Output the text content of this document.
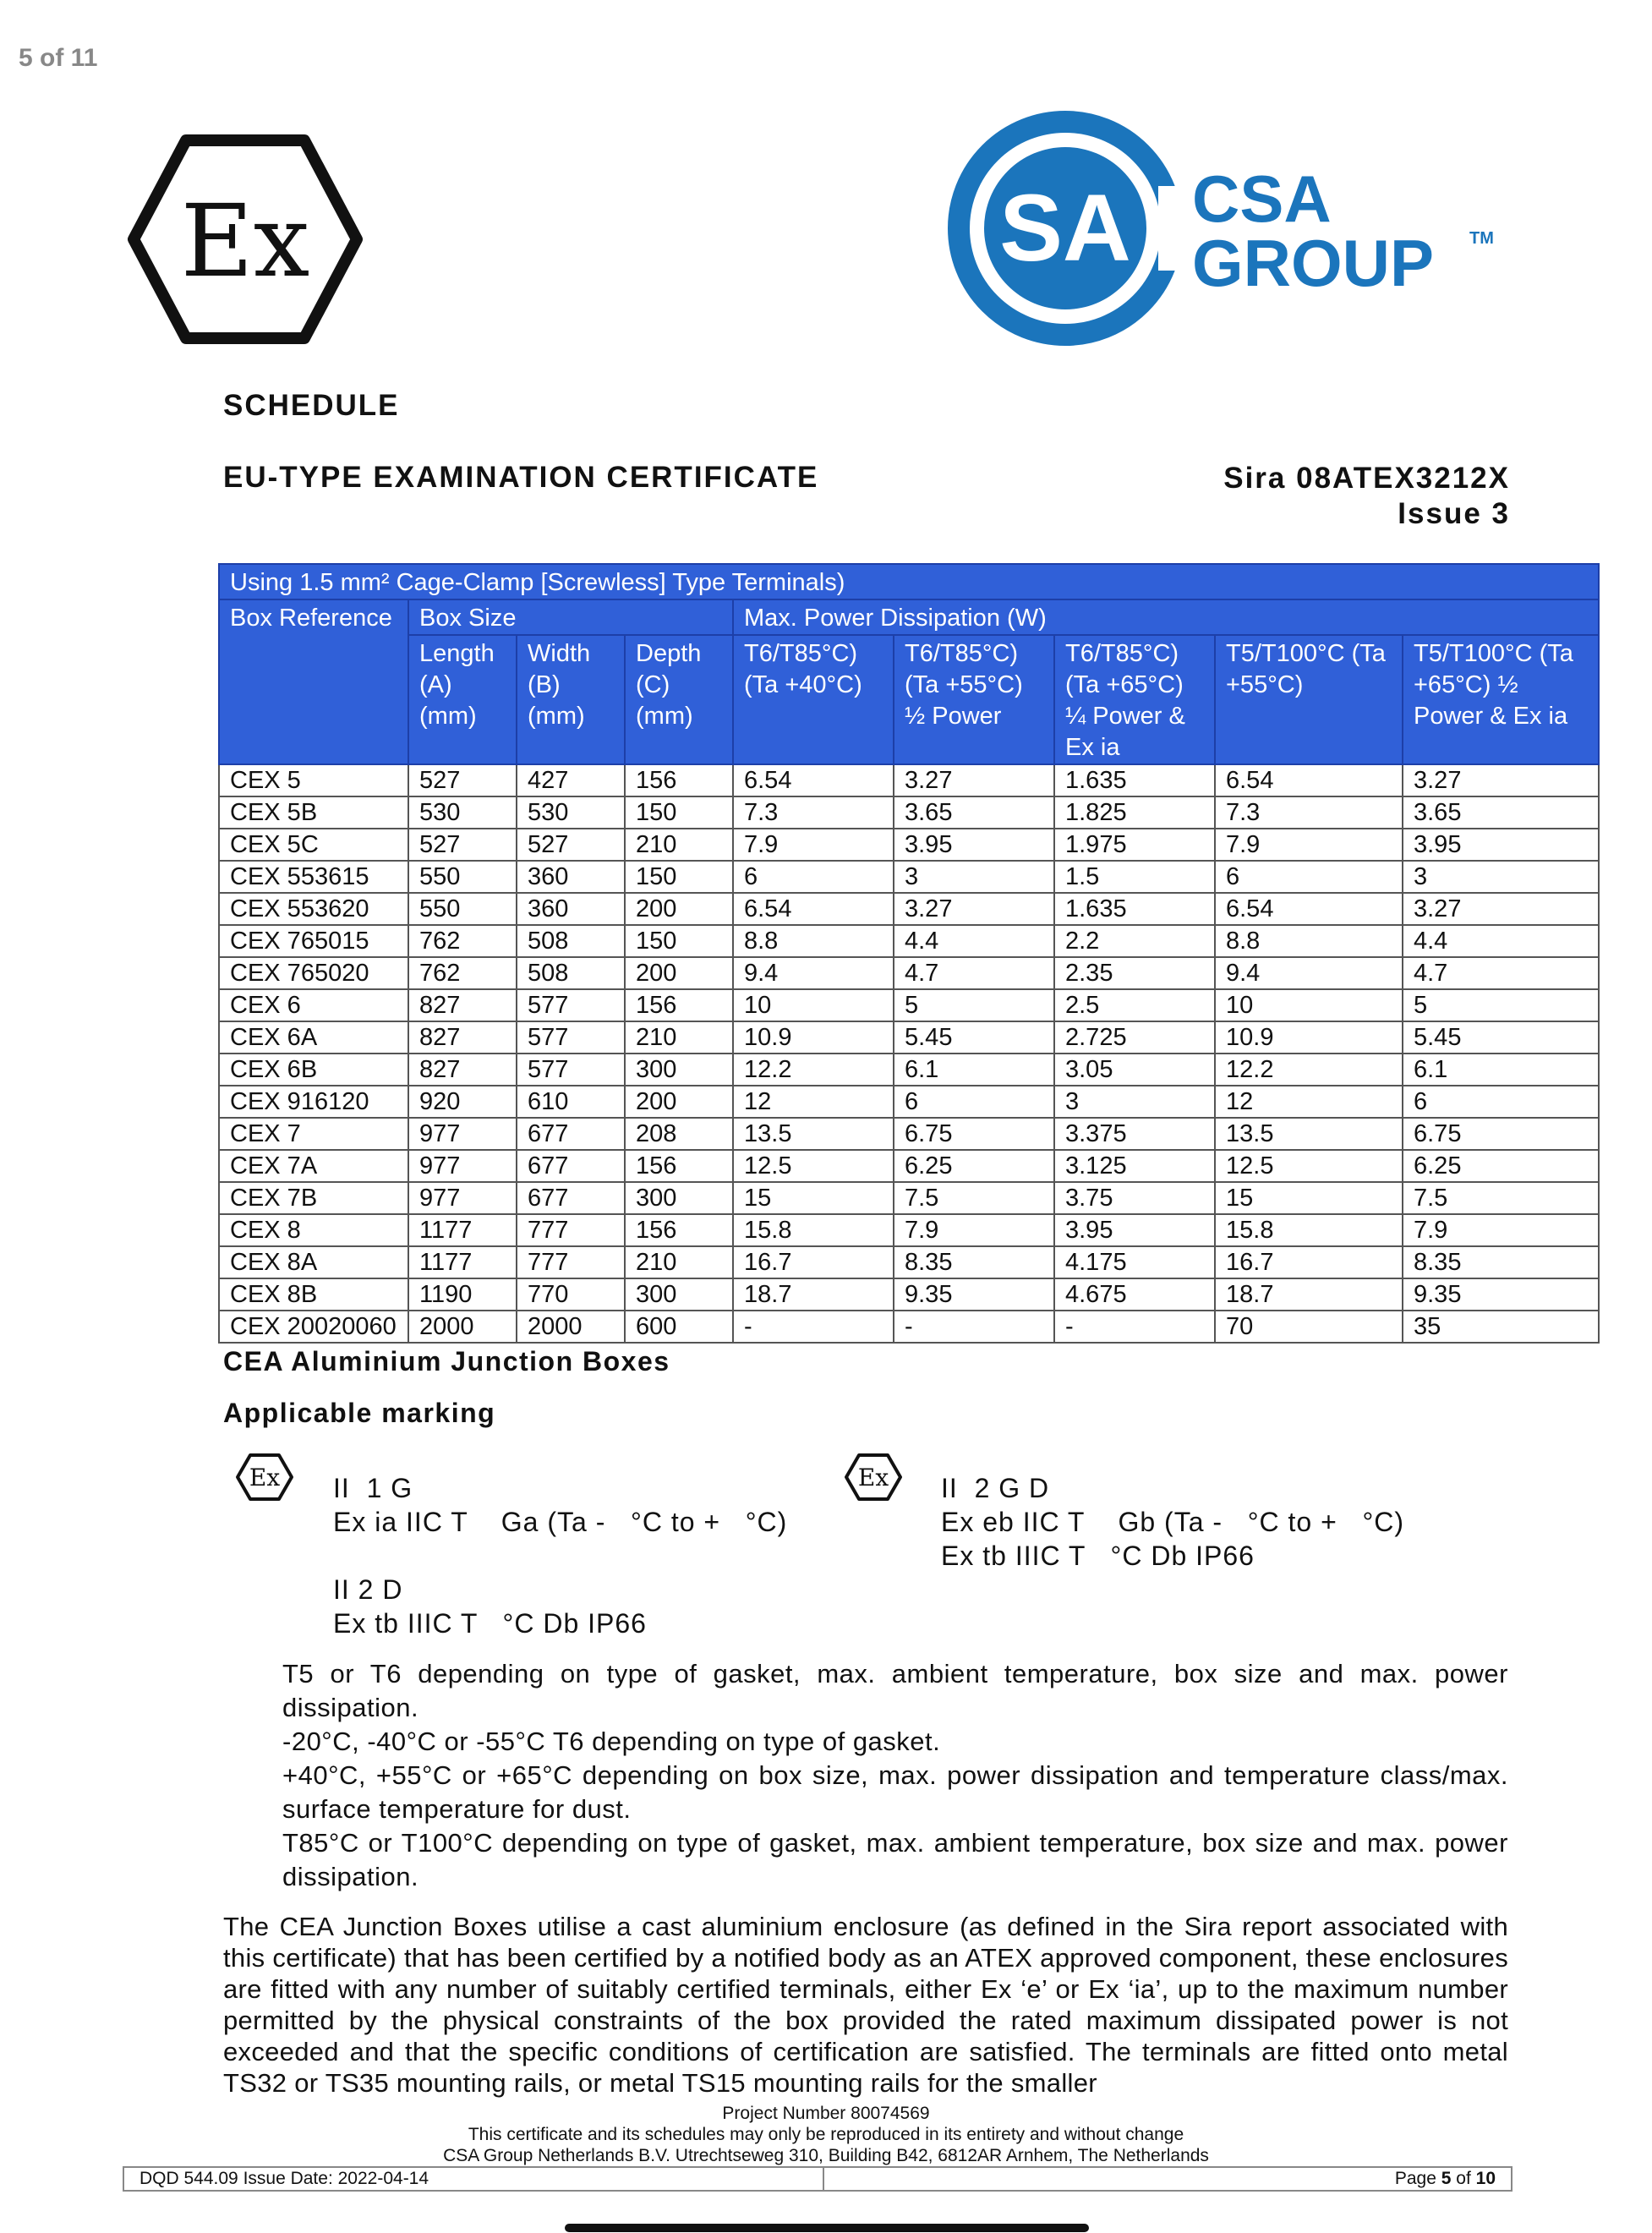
5 of 11
Ex	SA CSA
GROUP TM
SCHEDULE
EU-TYPE EXAMINATION CERTIFICATE	Sira 08ATEX3212X
Issue 3
Using 1.5 mm² Cage-Clamp [Screwless] Type Terminals)								
Box Reference	Box Size			Max. Power Dissipation (W)				
	Length (A) (mm)	Width (B) (mm)	Depth (C) (mm)	T6/T85°C) (Ta +40°C)	T6/T85°C) (Ta +55°C) ½ Power	T6/T85°C) (Ta +65°C) ¼ Power & Ex ia	T5/T100°C (Ta +55°C)	T5/T100°C (Ta +65°C) ½ Power & Ex ia
CEX 5	527	427	156	6.54	3.27	1.635	6.54	3.27
CEX 5B	530	530	150	7.3	3.65	1.825	7.3	3.65
CEX 5C	527	527	210	7.9	3.95	1.975	7.9	3.95
CEX 553615	550	360	150	6	3	1.5	6	3
CEX 553620	550	360	200	6.54	3.27	1.635	6.54	3.27
CEX 765015	762	508	150	8.8	4.4	2.2	8.8	4.4
CEX 765020	762	508	200	9.4	4.7	2.35	9.4	4.7
CEX 6	827	577	156	10	5	2.5	10	5
CEX 6A	827	577	210	10.9	5.45	2.725	10.9	5.45
CEX 6B	827	577	300	12.2	6.1	3.05	12.2	6.1
CEX 916120	920	610	200	12	6	3	12	6
CEX 7	977	677	208	13.5	6.75	3.375	13.5	6.75
CEX 7A	977	677	156	12.5	6.25	3.125	12.5	6.25
CEX 7B	977	677	300	15	7.5	3.75	15	7.5
CEX 8	1177	777	156	15.8	7.9	3.95	15.8	7.9
CEX 8A	1177	777	210	16.7	8.35	4.175	16.7	8.35
CEX 8B	1190	770	300	18.7	9.35	4.675	18.7	9.35
CEX 20020060	2000	2000	600	-	-	-	70	35
CEA Aluminium Junction Boxes
Applicable marking
Ex	Ex
II  1 G
Ex ia IIC T    Ga (Ta -   °C to +   °C)
II 2 D
Ex tb IIIC T   °C Db IP66
II  2 G D
Ex eb IIC T    Gb (Ta -   °C to +   °C)
Ex tb IIIC T   °C Db IP66

T5 or T6 depending on type of gasket, max. ambient temperature, box size and max. power dissipation.

-20°C, -40°C or -55°C T6 depending on type of gasket.

+40°C, +55°C or +65°C depending on box size, max. power dissipation and temperature class/max. surface temperature for dust.

T85°C or T100°C depending on type of gasket, max. ambient temperature, box size and max. power dissipation.

The CEA Junction Boxes utilise a cast aluminium enclosure (as defined in the Sira report associated with this certificate) that has been certified by a notified body as an ATEX approved component, these enclosures are fitted with any number of suitably certified terminals, either Ex ‘e’ or Ex ‘ia’, up to the maximum number permitted by the physical constraints of the box provided the rated maximum dissipated power is not exceeded and that the specific conditions of certification are satisfied. The terminals are fitted onto metal TS32 or TS35 mounting rails, or metal TS15 mounting rails for the smaller

Project Number 80074569
This certificate and its schedules may only be reproduced in its entirety and without change
CSA Group Netherlands B.V. Utrechtseweg 310, Building B42, 6812AR Arnhem, The Netherlands
DQD 544.09 Issue Date: 2022-04-14	Page 5 of 10
